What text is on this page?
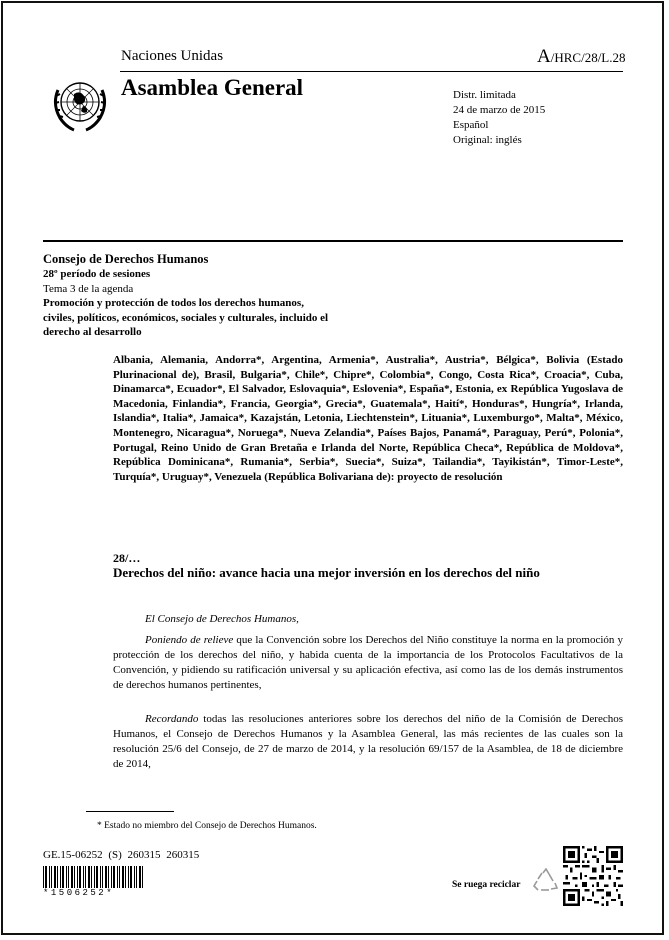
Naciones Unidas	A/HRC/28/L.28
Asamblea General	Distr. limitada
24 de marzo de 2015
Español
Original: inglés
Consejo de Derechos Humanos
28º período de sesiones
Tema 3 de la agenda
Promoción y protección de todos los derechos humanos, civiles, políticos, económicos, sociales y culturales, incluido el derecho al desarrollo
Albania, Alemania, Andorra*, Argentina, Armenia*, Australia*, Austria*, Bélgica*, Bolivia (Estado Plurinacional de), Brasil, Bulgaria*, Chile*, Chipre*, Colombia*, Congo, Costa Rica*, Croacia*, Cuba, Dinamarca*, Ecuador*, El Salvador, Eslovaquia*, Eslovenia*, España*, Estonia, ex República Yugoslava de Macedonia, Finlandia*, Francia, Georgia*, Grecia*, Guatemala*, Haití*, Honduras*, Hungría*, Irlanda, Islandia*, Italia*, Jamaica*, Kazajstán, Letonia, Liechtenstein*, Lituania*, Luxemburgo*, Malta*, México, Montenegro, Nicaragua*, Noruega*, Nueva Zelandia*, Países Bajos, Panamá*, Paraguay, Perú*, Polonia*, Portugal, Reino Unido de Gran Bretaña e Irlanda del Norte, República Checa*, República de Moldova*, República Dominicana*, Rumania*, Serbia*, Suecia*, Suiza*, Tailandia*, Tayikistán*, Timor-Leste*, Turquía*, Uruguay*, Venezuela (República Bolivariana de): proyecto de resolución
28/…
Derechos del niño: avance hacia una mejor inversión en los derechos del niño
El Consejo de Derechos Humanos,
Poniendo de relieve que la Convención sobre los Derechos del Niño constituye la norma en la promoción y protección de los derechos del niño, y habida cuenta de la importancia de los Protocolos Facultativos de la Convención, y pidiendo su ratificación universal y su aplicación efectiva, así como las de los demás instrumentos de derechos humanos pertinentes,
Recordando todas las resoluciones anteriores sobre los derechos del niño de la Comisión de Derechos Humanos, el Consejo de Derechos Humanos y la Asamblea General, las más recientes de las cuales son la resolución 25/6 del Consejo, de 27 de marzo de 2014, y la resolución 69/157 de la Asamblea, de 18 de diciembre de 2014,
* Estado no miembro del Consejo de Derechos Humanos.
GE.15-06252 (S) 260315 260315
*1506252*
Se ruega reciclar
